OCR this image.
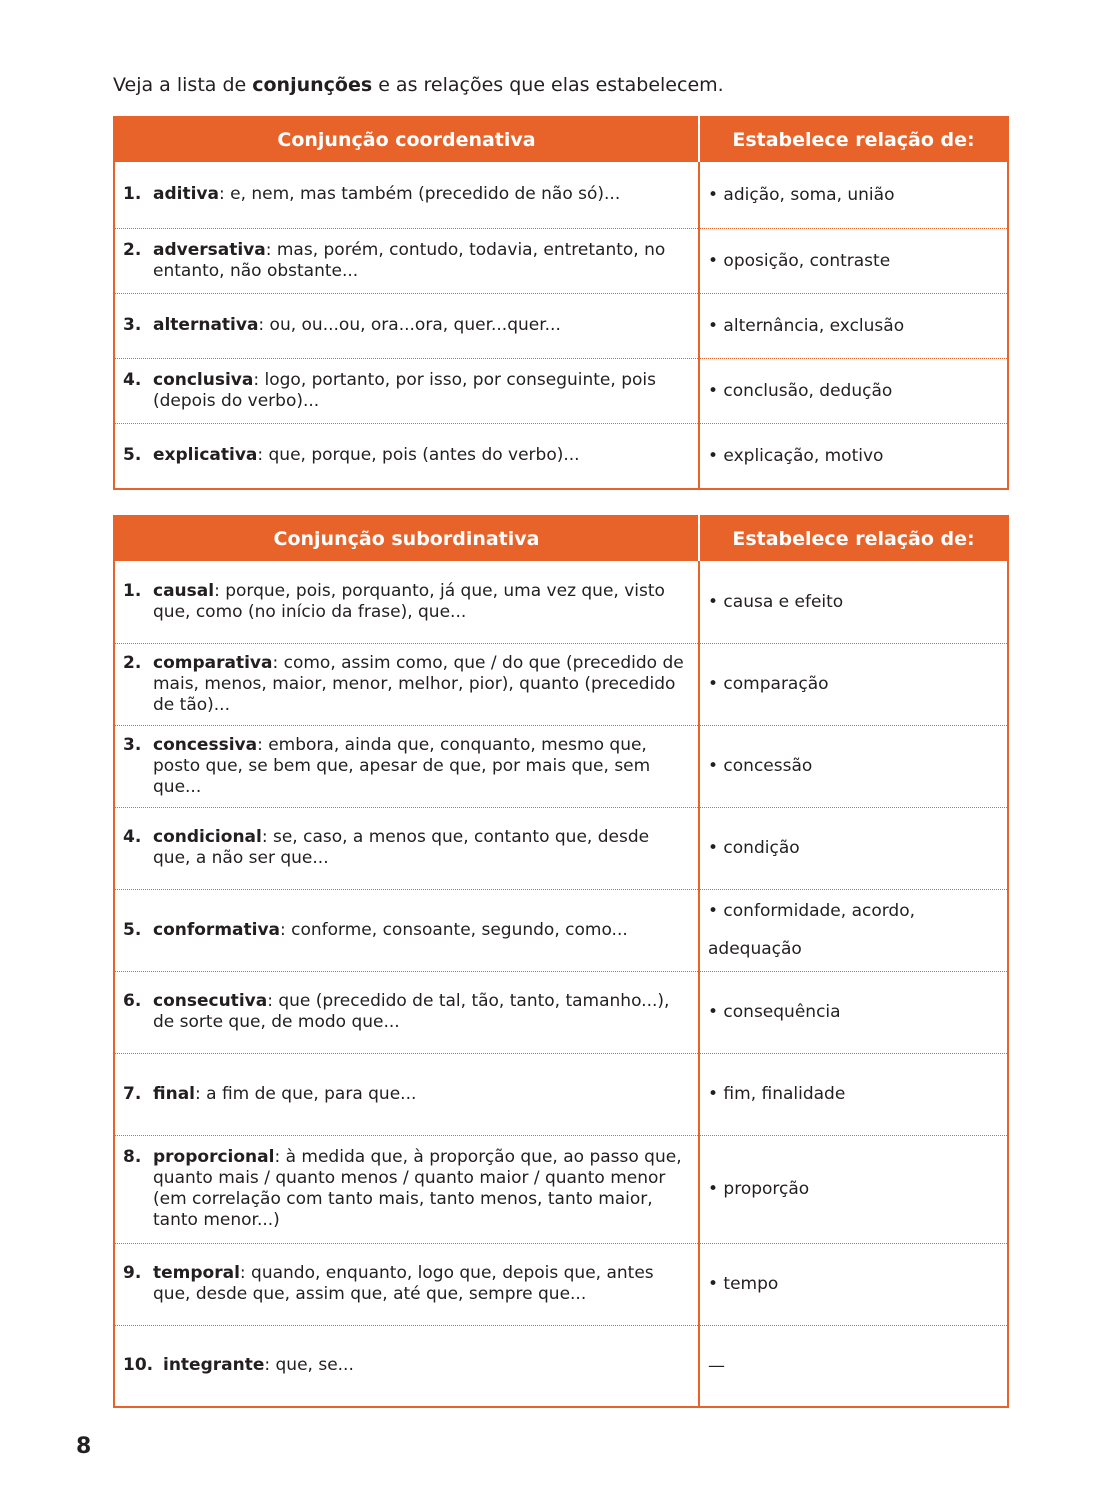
Veja a lista de conjunções e as relações que elas estabelecem.
Conjunção coordenativa	Estabelece relação de:

1. aditiva: e, nem, mas também (precedido de não só)...	• adição, soma, união

2. adversativa: mas, porém, contudo, todavia, entretanto, no entanto, não obstante...	• oposição, contraste

3. alternativa: ou, ou...ou, ora...ora, quer...quer...	• alternância, exclusão

4. conclusiva: logo, portanto, por isso, por conseguinte, pois (depois do verbo)...	• conclusão, dedução

5. explicativa: que, porque, pois (antes do verbo)...	• explicação, motivo
Conjunção subordinativa	Estabelece relação de:

1. causal: porque, pois, porquanto, já que, uma vez que, visto que, como (no início da frase), que...	• causa e efeito

2. comparativa: como, assim como, que / do que (precedido de mais, menos, maior, menor, melhor, pior), quanto (precedido de tão)...	• comparação

3. concessiva: embora, ainda que, conquanto, mesmo que, posto que, se bem que, apesar de que, por mais que, sem que...	• concessão

4. condicional: se, caso, a menos que, contanto que, desde que, a não ser que...	• condição

5. conformativa: conforme, consoante, segundo, como...	• conformidade, acordo, adequação

6. consecutiva: que (precedido de tal, tão, tanto, tamanho...), de sorte que, de modo que...	• consequência

7. final: a fim de que, para que...	• fim, finalidade

8. proporcional: à medida que, à proporção que, ao passo que, quanto mais / quanto menos / quanto maior / quanto menor (em correlação com tanto mais, tanto menos, tanto maior, tanto menor...)	• proporção

9. temporal: quando, enquanto, logo que, depois que, antes que, desde que, assim que, até que, sempre que...	• tempo

10. integrante: que, se...	—
8
